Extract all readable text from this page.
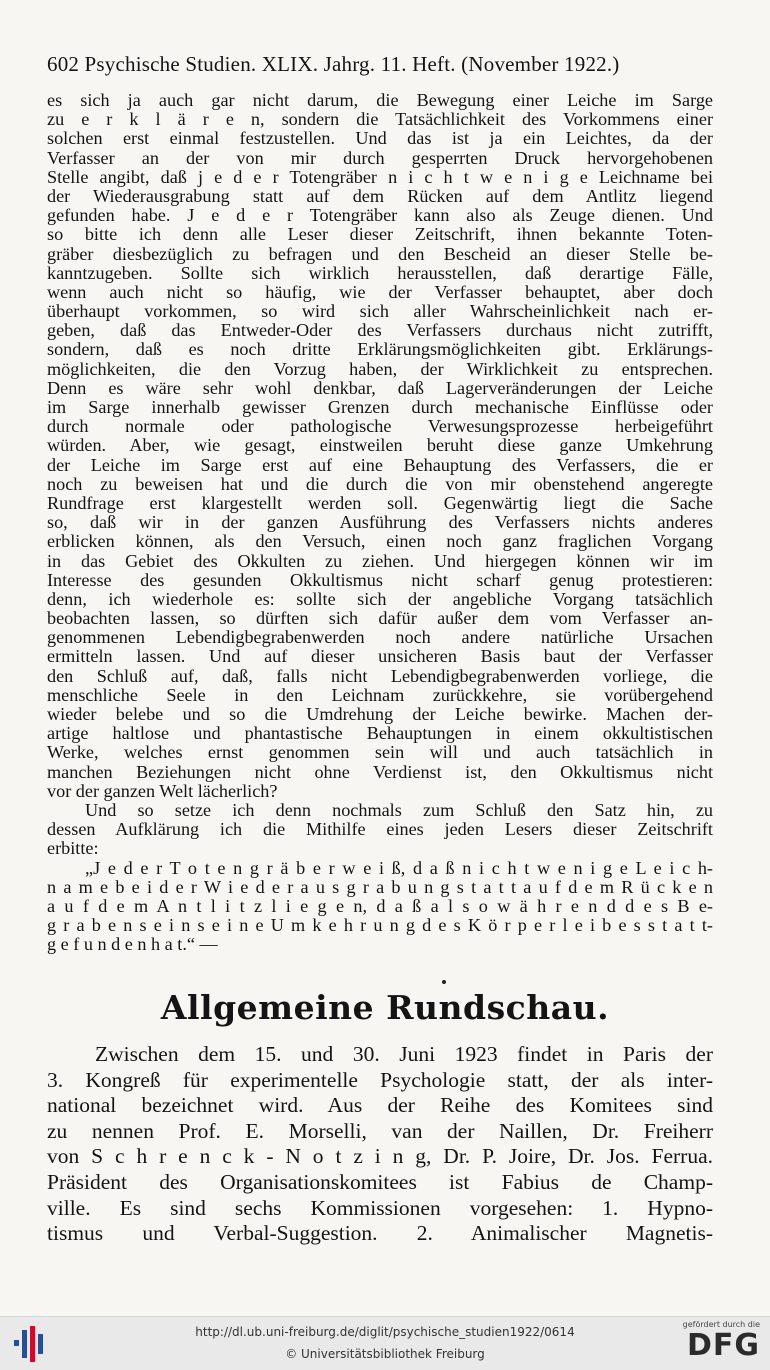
602 Psychische Studien. XLIX. Jahrg. 11. Heft. (November 1922.)
es sich ja auch gar nicht darum, die Bewegung einer Leiche im Sarge
zu e r k l ä r e n, sondern die Tatsächlichkeit des Vorkommens einer
solchen erst einmal festzustellen. Und das ist ja ein Leichtes, da der
Verfasser an der von mir durch gesperrten Druck hervorgehobenen
Stelle angibt, daß j e d e r Totengräber n i c h t w e n i g e Leichname bei
der Wiederausgrabung statt auf dem Rücken auf dem Antlitz liegend
gefunden habe. J e d e r Totengräber kann also als Zeuge dienen. Und
so bitte ich denn alle Leser dieser Zeitschrift, ihnen bekannte Toten-
gräber diesbezüglich zu befragen und den Bescheid an dieser Stelle be-
kanntzugeben. Sollte sich wirklich herausstellen, daß derartige Fälle,
wenn auch nicht so häufig, wie der Verfasser behauptet, aber doch
überhaupt vorkommen, so wird sich aller Wahrscheinlichkeit nach er-
geben, daß das Entweder-Oder des Verfassers durchaus nicht zutrifft,
sondern, daß es noch dritte Erklärungsmöglichkeiten gibt. Erklärungs-
möglichkeiten, die den Vorzug haben, der Wirklichkeit zu entsprechen.
Denn es wäre sehr wohl denkbar, daß Lagerveränderungen der Leiche
im Sarge innerhalb gewisser Grenzen durch mechanische Einflüsse oder
durch normale oder pathologische Verwesungsprozesse herbeigeführt
würden. Aber, wie gesagt, einstweilen beruht diese ganze Umkehrung
der Leiche im Sarge erst auf eine Behauptung des Verfassers, die er
noch zu beweisen hat und die durch die von mir obenstehend angeregte
Rundfrage erst klargestellt werden soll. Gegenwärtig liegt die Sache
so, daß wir in der ganzen Ausführung des Verfassers nichts anderes
erblicken können, als den Versuch, einen noch ganz fraglichen Vorgang
in das Gebiet des Okkulten zu ziehen. Und hiergegen können wir im
Interesse des gesunden Okkultismus nicht scharf genug protestieren:
denn, ich wiederhole es: sollte sich der angebliche Vorgang tatsächlich
beobachten lassen, so dürften sich dafür außer dem vom Verfasser an-
genommenen Lebendigbegrabenwerden noch andere natürliche Ursachen
ermitteln lassen. Und auf dieser unsicheren Basis baut der Verfasser
den Schluß auf, daß, falls nicht Lebendigbegrabenwerden vorliege, die
menschliche Seele in den Leichnam zurückkehre, sie vorübergehend
wieder belebe und so die Umdrehung der Leiche bewirke. Machen der-
artige haltlose und phantastische Behauptungen in einem okkultistischen
Werke, welches ernst genommen sein will und auch tatsächlich in
manchen Beziehungen nicht ohne Verdienst ist, den Okkultismus nicht
vor der ganzen Welt lächerlich?
Und so setze ich denn nochmals zum Schluß den Satz hin, zu
dessen Aufklärung ich die Mithilfe eines jeden Lesers dieser Zeitschrift
erbitte:
„J e d e r T o t e n g r ä b e r w e i ß, d a ß n i c h t w e n i g e L e i c h-
n a m e b e i d e r W i e d e r a u s g r a b u n g s t a t t a u f d e m R ü c k e n
a u f d e m A n t l i t z l i e g e n, d a ß a l s o w ä h r e n d d e s B e-
g r a b e n s e i n s e i n e U m k e h r u n g d e s K ö r p e r l e i b e s s t a t t-
g e f u n d e n h a t.“ —
Allgemeine Rundschau.
Zwischen dem 15. und 30. Juni 1923 findet in Paris der
3. Kongreß für experimentelle Psychologie statt, der als inter-
national bezeichnet wird. Aus der Reihe des Komitees sind
zu nennen Prof. E. Morselli, van der Naillen, Dr. Freiherr
von S c h r e n c k - N o t z i n g, Dr. P. Joire, Dr. Jos. Ferrua.
Präsident des Organisationskomitees ist Fabius de Champ-
ville. Es sind sechs Kommissionen vorgesehen: 1. Hypno-
tismus und Verbal-Suggestion. 2. Animalischer Magnetis-
http://dl.ub.uni-freiburg.de/diglit/psychische_studien1922/0614
© Universitätsbibliothek Freiburg
gefördert durch die
DFG
